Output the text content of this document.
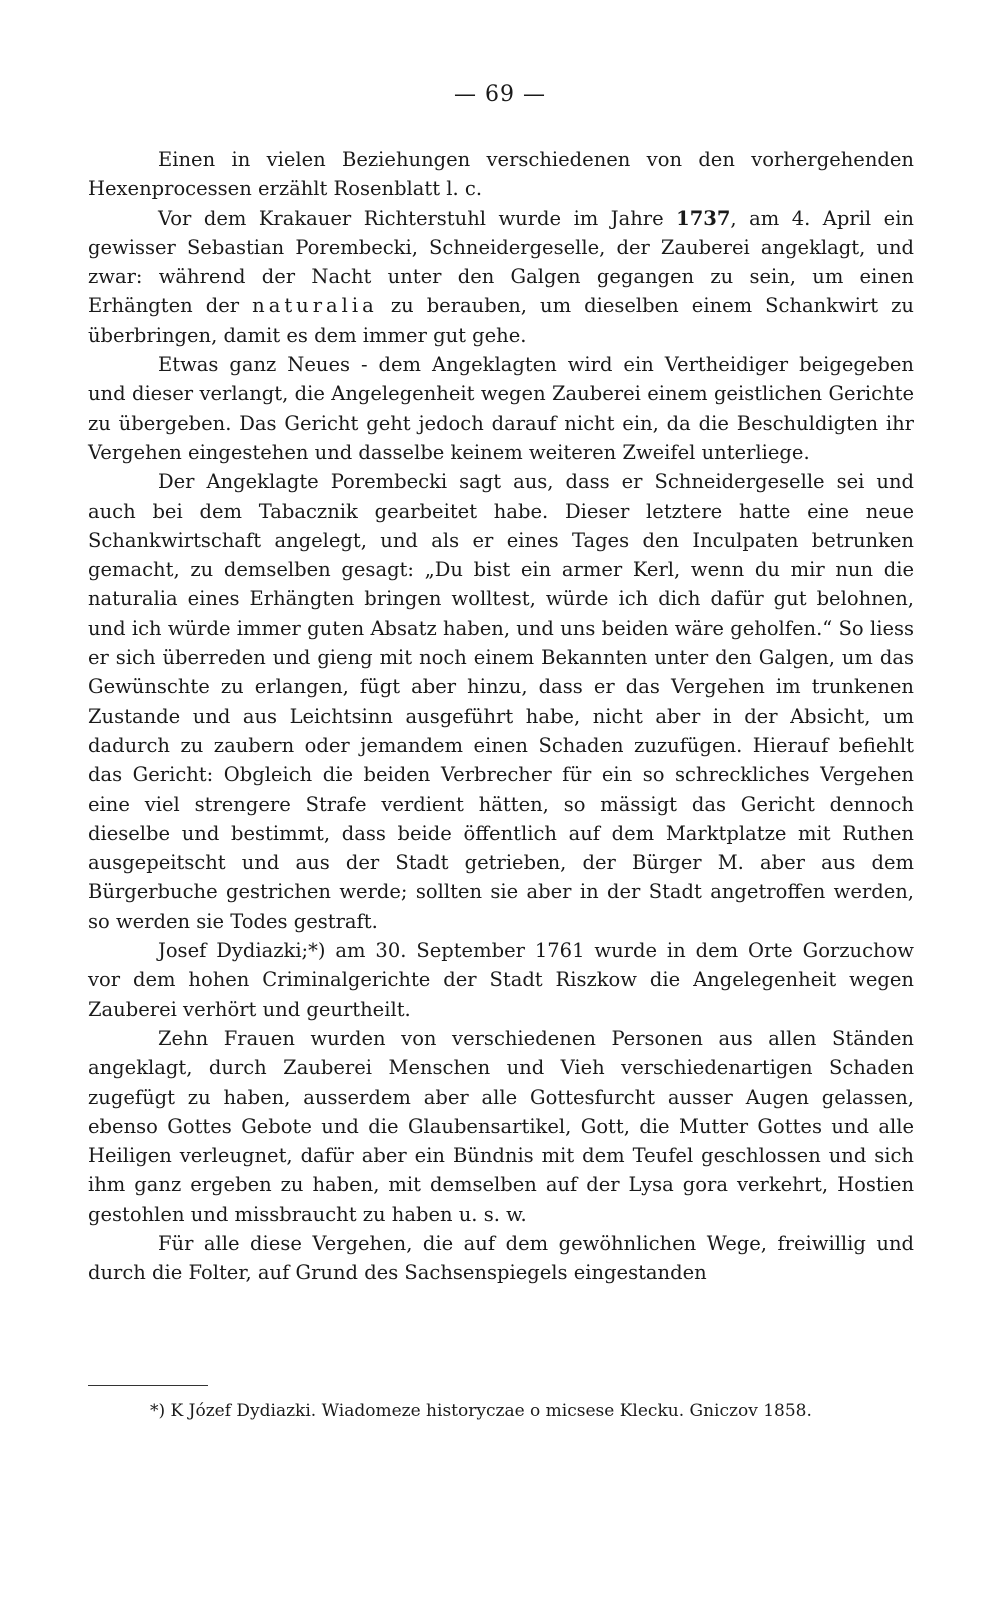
— 69 —

Einen in vielen Beziehungen verschiedenen von den vorhergehenden Hexenprocessen erzählt Rosenblatt l. c.

Vor dem Krakauer Richterstuhl wurde im Jahre 1737, am 4. April ein gewisser Sebastian Porembecki, Schneidergeselle, der Zauberei angeklagt, und zwar: während der Nacht unter den Galgen gegangen zu sein, um einen Erhängten der naturalia zu berauben, um dieselben einem Schankwirt zu überbringen, damit es dem immer gut gehe.

Etwas ganz Neues - dem Angeklagten wird ein Vertheidiger beigegeben und dieser verlangt, die Angelegenheit wegen Zauberei einem geistlichen Gerichte zu übergeben. Das Gericht geht jedoch darauf nicht ein, da die Beschuldigten ihr Vergehen eingestehen und dasselbe keinem weiteren Zweifel unterliege.

Der Angeklagte Porembecki sagt aus, dass er Schneidergeselle sei und auch bei dem Tabacznik gearbeitet habe. Dieser letztere hatte eine neue Schankwirtschaft angelegt, und als er eines Tages den Inculpaten betrunken gemacht, zu demselben gesagt: „Du bist ein armer Kerl, wenn du mir nun die naturalia eines Erhängten bringen wolltest, würde ich dich dafür gut belohnen, und ich würde immer guten Absatz haben, und uns beiden wäre geholfen.“ So liess er sich überreden und gieng mit noch einem Bekannten unter den Galgen, um das Gewünschte zu erlangen, fügt aber hinzu, dass er das Vergehen im trunkenen Zustande und aus Leichtsinn ausgeführt habe, nicht aber in der Absicht, um dadurch zu zaubern oder jemandem einen Schaden zuzufügen. Hierauf befiehlt das Gericht: Obgleich die beiden Verbrecher für ein so schreckliches Vergehen eine viel strengere Strafe verdient hätten, so mässigt das Gericht dennoch dieselbe und bestimmt, dass beide öffentlich auf dem Marktplatze mit Ruthen ausgepeitscht und aus der Stadt getrieben, der Bürger M. aber aus dem Bürgerbuche gestrichen werde; sollten sie aber in der Stadt angetroffen werden, so werden sie Todes gestraft.

Josef Dydiazki;*) am 30. September 1761 wurde in dem Orte Gorzuchow vor dem hohen Criminalgerichte der Stadt Riszkow die Angelegenheit wegen Zauberei verhört und geurtheilt.

Zehn Frauen wurden von verschiedenen Personen aus allen Ständen angeklagt, durch Zauberei Menschen und Vieh verschiedenartigen Schaden zugefügt zu haben, ausserdem aber alle Gottesfurcht ausser Augen gelassen, ebenso Gottes Gebote und die Glaubensartikel, Gott, die Mutter Gottes und alle Heiligen verleugnet, dafür aber ein Bündnis mit dem Teufel geschlossen und sich ihm ganz ergeben zu haben, mit demselben auf der Lysa gora verkehrt, Hostien gestohlen und missbraucht zu haben u. s. w.

Für alle diese Vergehen, die auf dem gewöhnlichen Wege, freiwillig und durch die Folter, auf Grund des Sachsenspiegels eingestanden

*) K Józef Dydiazki. Wiadomeze historyczae o micsese Klecku. Gniczov 1858.
